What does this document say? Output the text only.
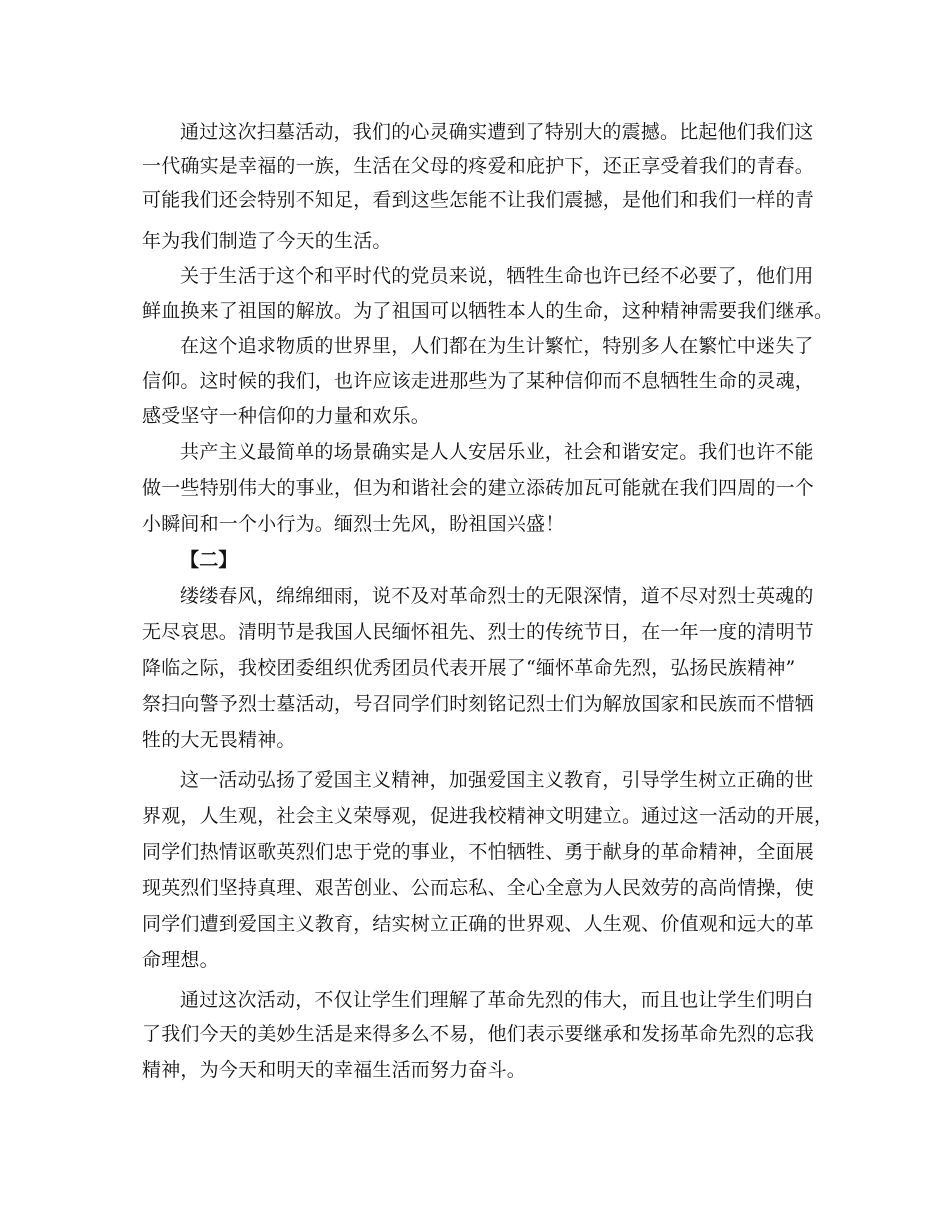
通过这次扫墓活动，我们的心灵确实遭到了特别大的震撼。比起他们我们这
一代确实是幸福的一族，生活在父母的疼爱和庇护下，还正享受着我们的青春。
可能我们还会特别不知足，看到这些怎能不让我们震撼，是他们和我们一样的青
年为我们制造了今天的生活。
关于生活于这个和平时代的党员来说，牺牲生命也许已经不必要了，他们用
鲜血换来了祖国的解放。为了祖国可以牺牲本人的生命，这种精神需要我们继承。
在这个追求物质的世界里，人们都在为生计繁忙，特别多人在繁忙中迷失了
信仰。这时候的我们，也许应该走进那些为了某种信仰而不息牺牲生命的灵魂，
感受坚守一种信仰的力量和欢乐。
共产主义最简单的场景确实是人人安居乐业，社会和谐安定。我们也许不能
做一些特别伟大的事业，但为和谐社会的建立添砖加瓦可能就在我们四周的一个
小瞬间和一个小行为。缅烈士先风，盼祖国兴盛！
【二】
缕缕春风，绵绵细雨，说不及对革命烈士的无限深情，道不尽对烈士英魂的
无尽哀思。清明节是我国人民缅怀祖先、烈士的传统节日，在一年一度的清明节
降临之际，我校团委组织优秀团员代表开展了“缅怀革命先烈，弘扬民族精神”
祭扫向警予烈士墓活动，号召同学们时刻铭记烈士们为解放国家和民族而不惜牺
牲的大无畏精神。
这一活动弘扬了爱国主义精神，加强爱国主义教育，引导学生树立正确的世
界观，人生观，社会主义荣辱观，促进我校精神文明建立。通过这一活动的开展，
同学们热情讴歌英烈们忠于党的事业，不怕牺牲、勇于献身的革命精神，全面展
现英烈们坚持真理、艰苦创业、公而忘私、全心全意为人民效劳的高尚情操，使
同学们遭到爱国主义教育，结实树立正确的世界观、人生观、价值观和远大的革
命理想。
通过这次活动，不仅让学生们理解了革命先烈的伟大，而且也让学生们明白
了我们今天的美妙生活是来得多么不易，他们表示要继承和发扬革命先烈的忘我
精神，为今天和明天的幸福生活而努力奋斗。
